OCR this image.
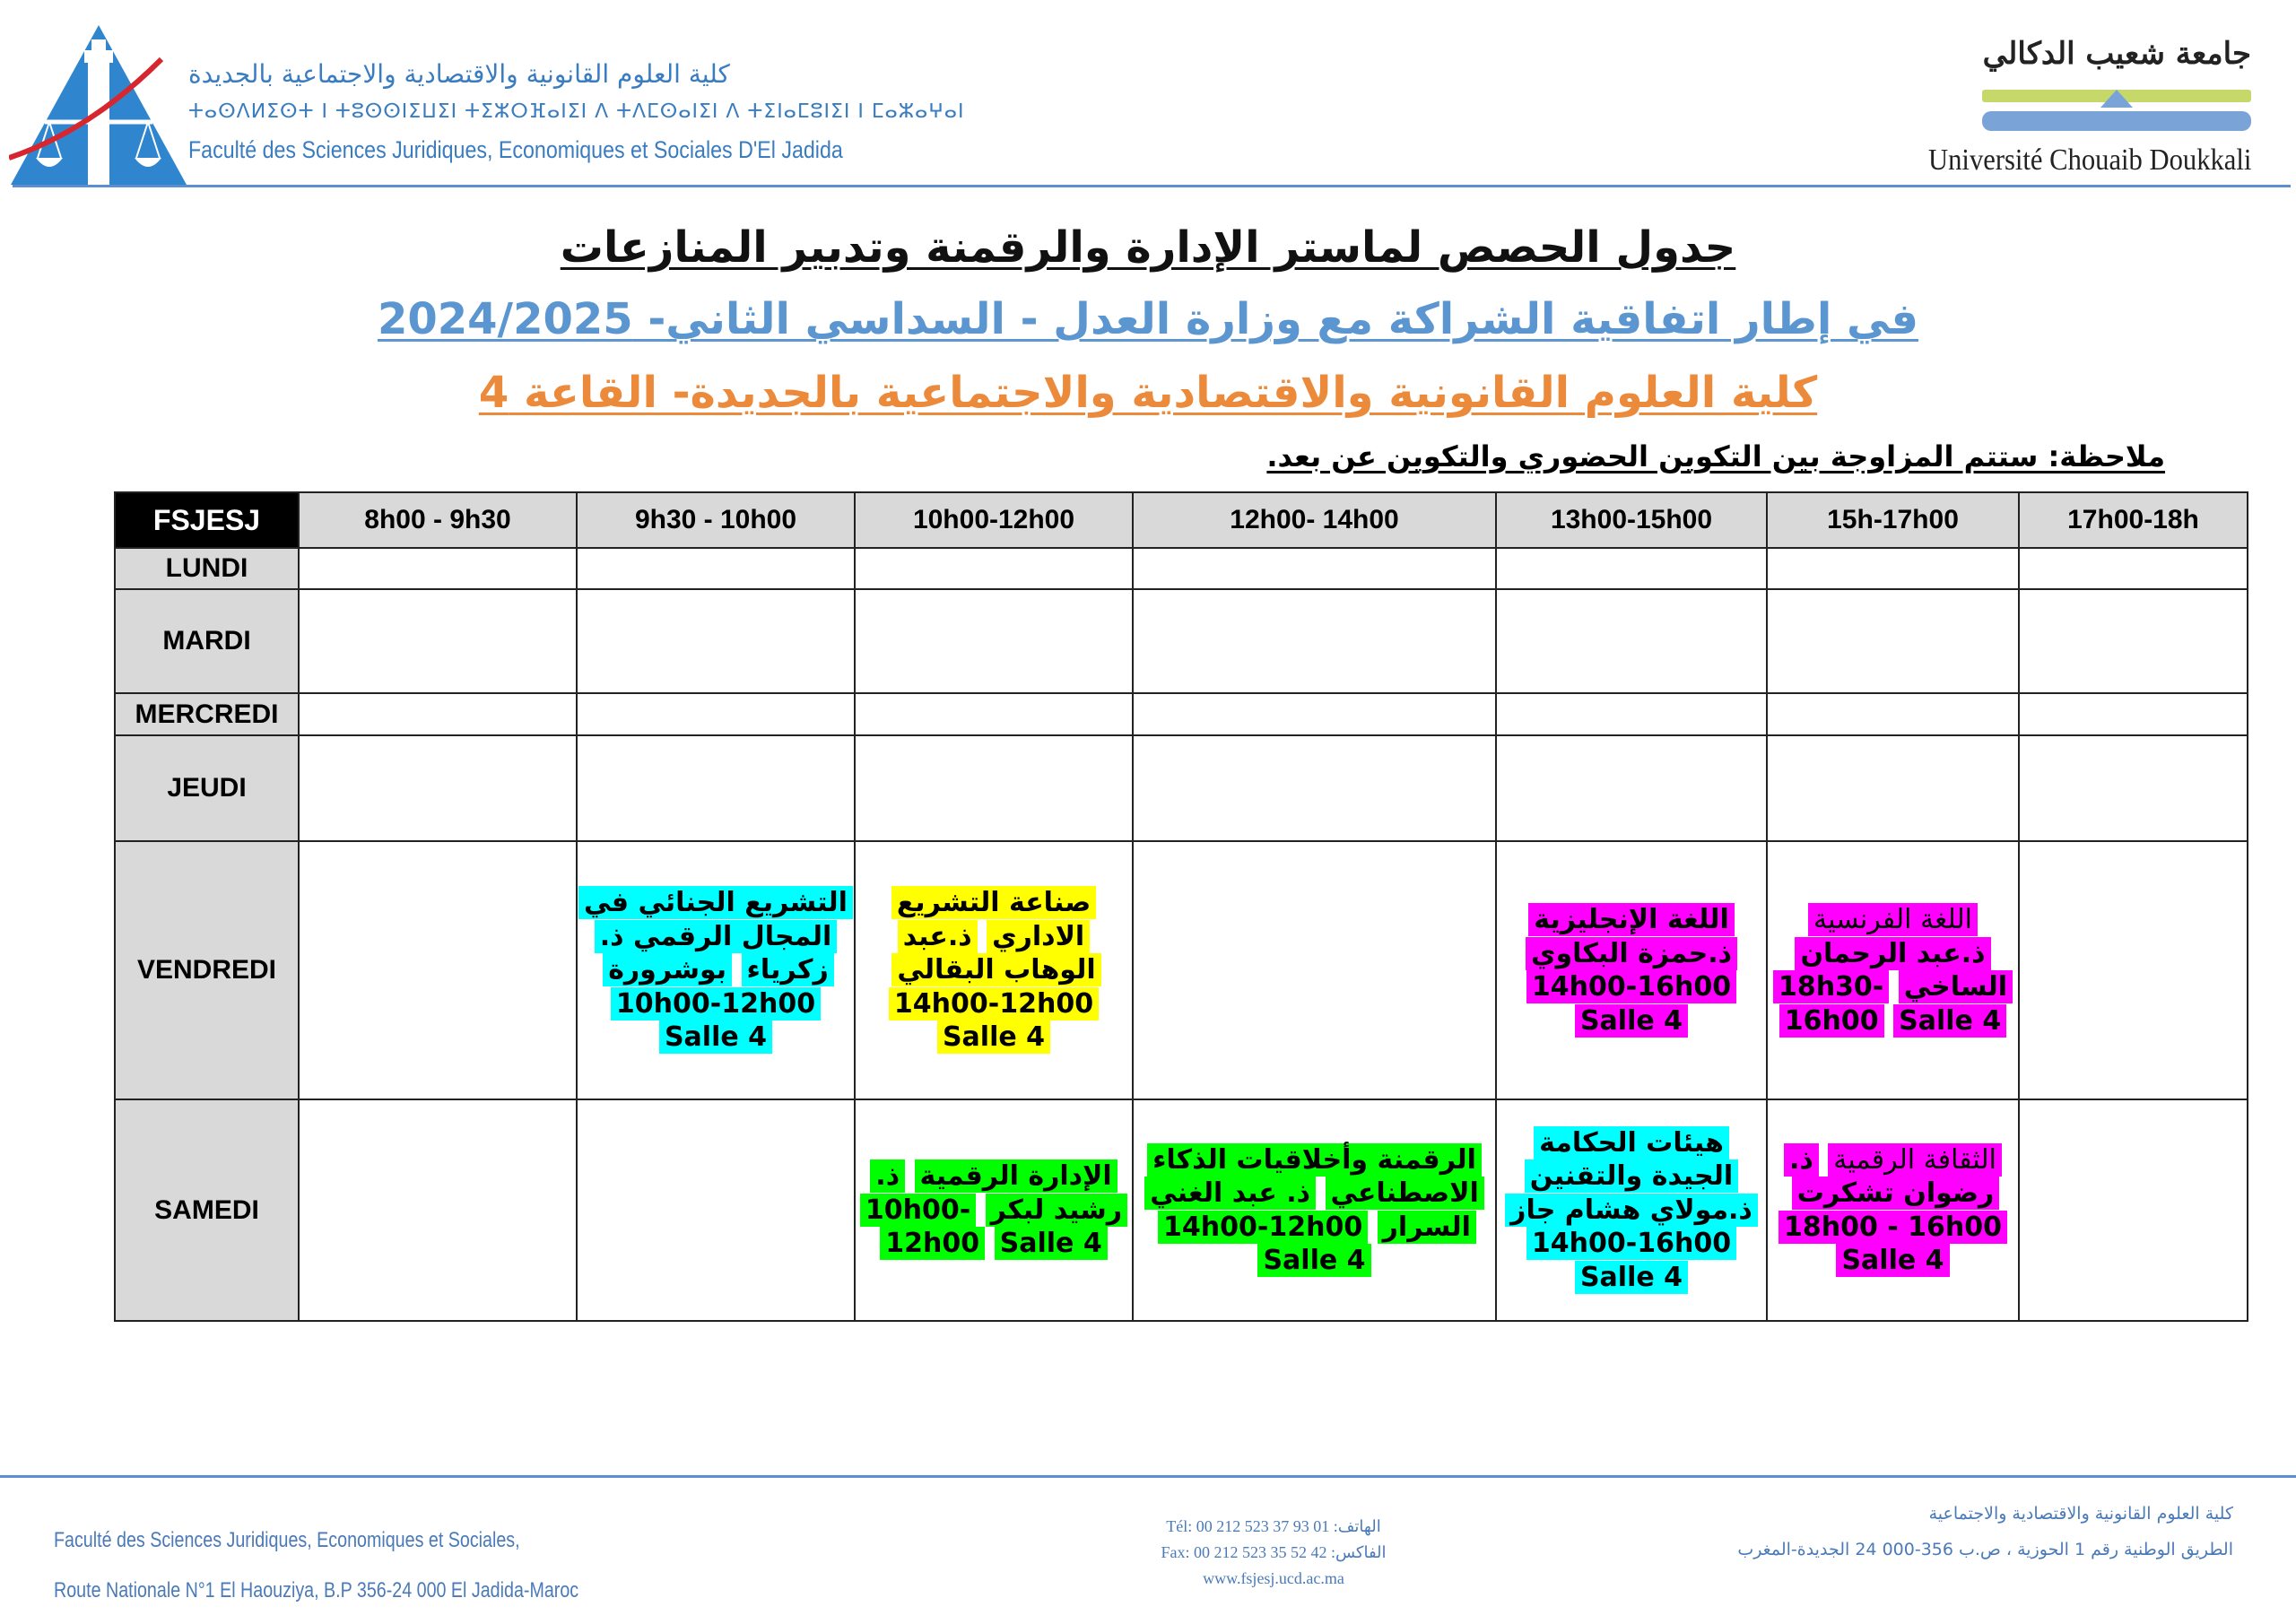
كلية العلوم القانونية والاقتصادية والاجتماعية بالجديدة
ⵜⴰⵙⴷⵍⵉⵙⵜ ⵏ ⵜⵓⵙⵙⵏⵉⵡⵉⵏ ⵜⵉⵣⵔⴼⴰⵏⵉⵏ ⴷ ⵜⴷⵎⵙⴰⵏⵉⵏ ⴷ ⵜⵉⵏⴰⵎⵓⵏⵉⵏ ⵏ ⵎⴰⵣⴰⵖⴰⵏ
Faculté des Sciences Juridiques, Economiques et Sociales D'El Jadida
جامعة شعيب الدكالي
Université Chouaib Doukkali
جدول الحصص لماستر الإدارة والرقمنة وتدبير المنازعات
في إطار اتفاقية الشراكة مع وزارة العدل - السداسي الثاني- 2024/2025
كلية العلوم القانونية والاقتصادية والاجتماعية بالجديدة- القاعة 4
ملاحظة: ستتم المزاوجة بين التكوين الحضوري والتكوين عن بعد.
FSJESJ	8h00 - 9h30	9h30 - 10h00	10h00-12h00	12h00- 14h00	13h00-15h00	15h-17h00	17h00-18h
LUNDI							
MARDI							
MERCREDI							
JEUDI							
VENDREDI		التشريع الجنائي في المجال الرقمي ذ. زكرياء بوشرورة 10h00-12h00 Salle 4	صناعة التشريع الاداري ذ.عبد الوهاب البقالي 14h00-12h00 Salle 4		اللغة الإنجليزية ذ.حمزة البكاوي 14h00-16h00 Salle 4	اللغة الفرنسية ذ.عبد الرحمان الساخي 18h30-16h00 Salle 4	
SAMEDI			الإدارة الرقمية ذ. رشيد لبكر 10h00-12h00 Salle 4	الرقمنة وأخلاقيات الذكاء الاصطناعي ذ. عبد الغني السرار 14h00-12h00 Salle 4	هيئات الحكامة الجيدة والتقنين ذ.مولاي هشام جاز 14h00-16h00 Salle 4	الثقافة الرقمية ذ. رضوان تشكرت 18h00 - 16h00 Salle 4	
Faculté des Sciences Juridiques, Economiques et Sociales,
Route Nationale N°1 El Haouziya, B.P 356-24 000 El Jadida-Maroc
Tél: 00 212 523 37 93 01 :الهاتف
Fax: 00 212 523 35 52 42 :الفاكس
www.fsjesj.ucd.ac.ma
كلية العلوم القانونية والاقتصادية والاجتماعية
الطريق الوطنية رقم 1 الحوزية ، ص.ب 356-000 24 الجديدة-المغرب
